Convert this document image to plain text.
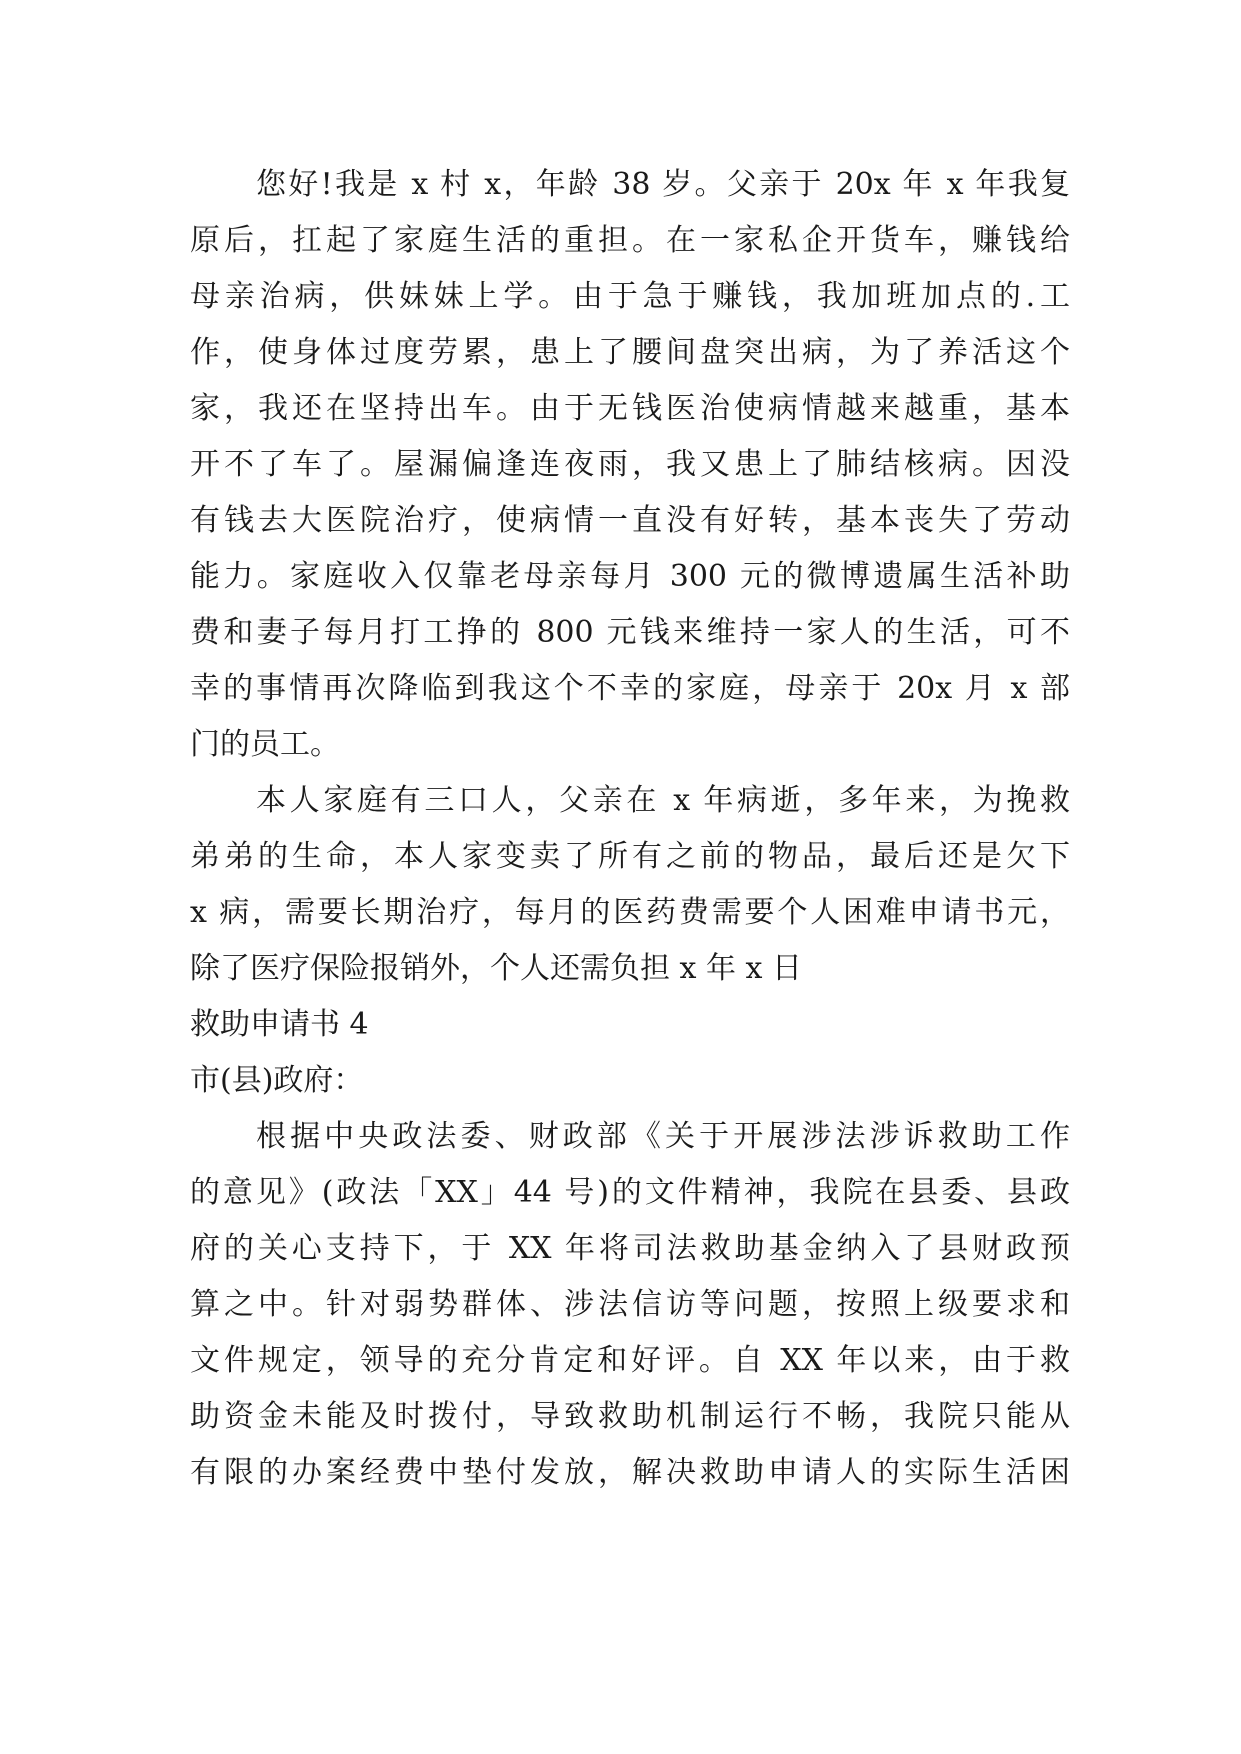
您好!我是 x 村 x，年龄 38 岁。父亲于 20x 年 x 年我复
原后，扛起了家庭生活的重担。在一家私企开货车，赚钱给
母亲治病，供妹妹上学。由于急于赚钱，我加班加点的.工
作，使身体过度劳累，患上了腰间盘突出病，为了养活这个
家，我还在坚持出车。由于无钱医治使病情越来越重，基本
开不了车了。屋漏偏逢连夜雨，我又患上了肺结核病。因没
有钱去大医院治疗，使病情一直没有好转，基本丧失了劳动
能力。家庭收入仅靠老母亲每月 300 元的微博遗属生活补助
费和妻子每月打工挣的 800 元钱来维持一家人的生活，可不
幸的事情再次降临到我这个不幸的家庭，母亲于 20x 月 x 部
门的员工。
本人家庭有三口人，父亲在 x 年病逝，多年来，为挽救
弟弟的生命，本人家变卖了所有之前的物品，最后还是欠下
x 病，需要长期治疗，每月的医药费需要个人困难申请书元，
除了医疗保险报销外，个人还需负担 x 年 x 日
救助申请书 4
市(县)政府：
根据中央政法委、财政部《关于开展涉法涉诉救助工作
的意见》(政法「XX」44 号)的文件精神，我院在县委、县政
府的关心支持下，于 XX 年将司法救助基金纳入了县财政预
算之中。针对弱势群体、涉法信访等问题，按照上级要求和
文件规定，领导的充分肯定和好评。自 XX 年以来，由于救
助资金未能及时拨付，导致救助机制运行不畅，我院只能从
有限的办案经费中垫付发放，解决救助申请人的实际生活困
